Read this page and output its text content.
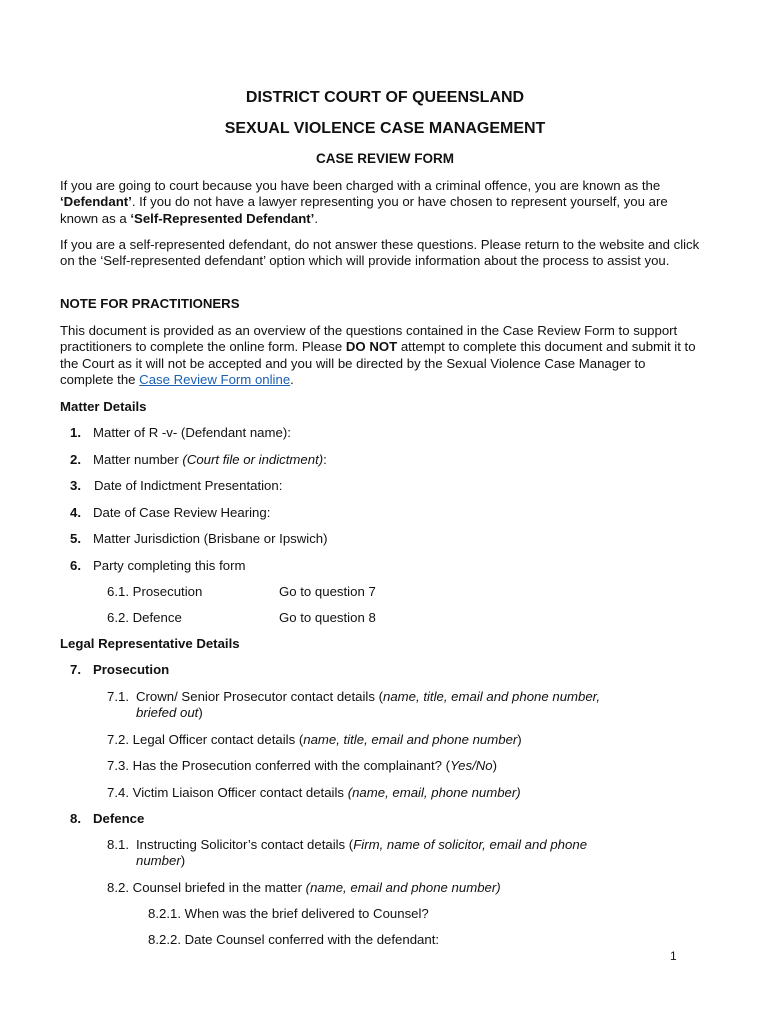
DISTRICT COURT OF QUEENSLAND
SEXUAL VIOLENCE CASE MANAGEMENT
CASE REVIEW FORM
If you are going to court because you have been charged with a criminal offence, you are known as the ‘Defendant’. If you do not have a lawyer representing you or have chosen to represent yourself, you are known as a ‘Self-Represented Defendant’.
If you are a self-represented defendant, do not answer these questions. Please return to the website and click on the ‘Self-represented defendant’ option which will provide information about the process to assist you.
NOTE FOR PRACTITIONERS
This document is provided as an overview of the questions contained in the Case Review Form to support practitioners to complete the online form. Please DO NOT attempt to complete this document and submit it to the Court as it will not be accepted and you will be directed by the Sexual Violence Case Manager to complete the Case Review Form online.
Matter Details
1. Matter of R -v- (Defendant name):
2. Matter number (Court file or indictment):
3. Date of Indictment Presentation:
4. Date of Case Review Hearing:
5. Matter Jurisdiction (Brisbane or Ipswich)
6. Party completing this form
6.1. Prosecution	Go to question 7
6.2. Defence	Go to question 8
Legal Representative Details
7. Prosecution
7.1. Crown/ Senior Prosecutor contact details (name, title, email and phone number, briefed out)
7.2. Legal Officer contact details (name, title, email and phone number)
7.3. Has the Prosecution conferred with the complainant? (Yes/No)
7.4. Victim Liaison Officer contact details (name, email, phone number)
8. Defence
8.1. Instructing Solicitor’s contact details (Firm, name of solicitor, email and phone number)
8.2. Counsel briefed in the matter (name, email and phone number)
8.2.1. When was the brief delivered to Counsel?
8.2.2. Date Counsel conferred with the defendant:
1
